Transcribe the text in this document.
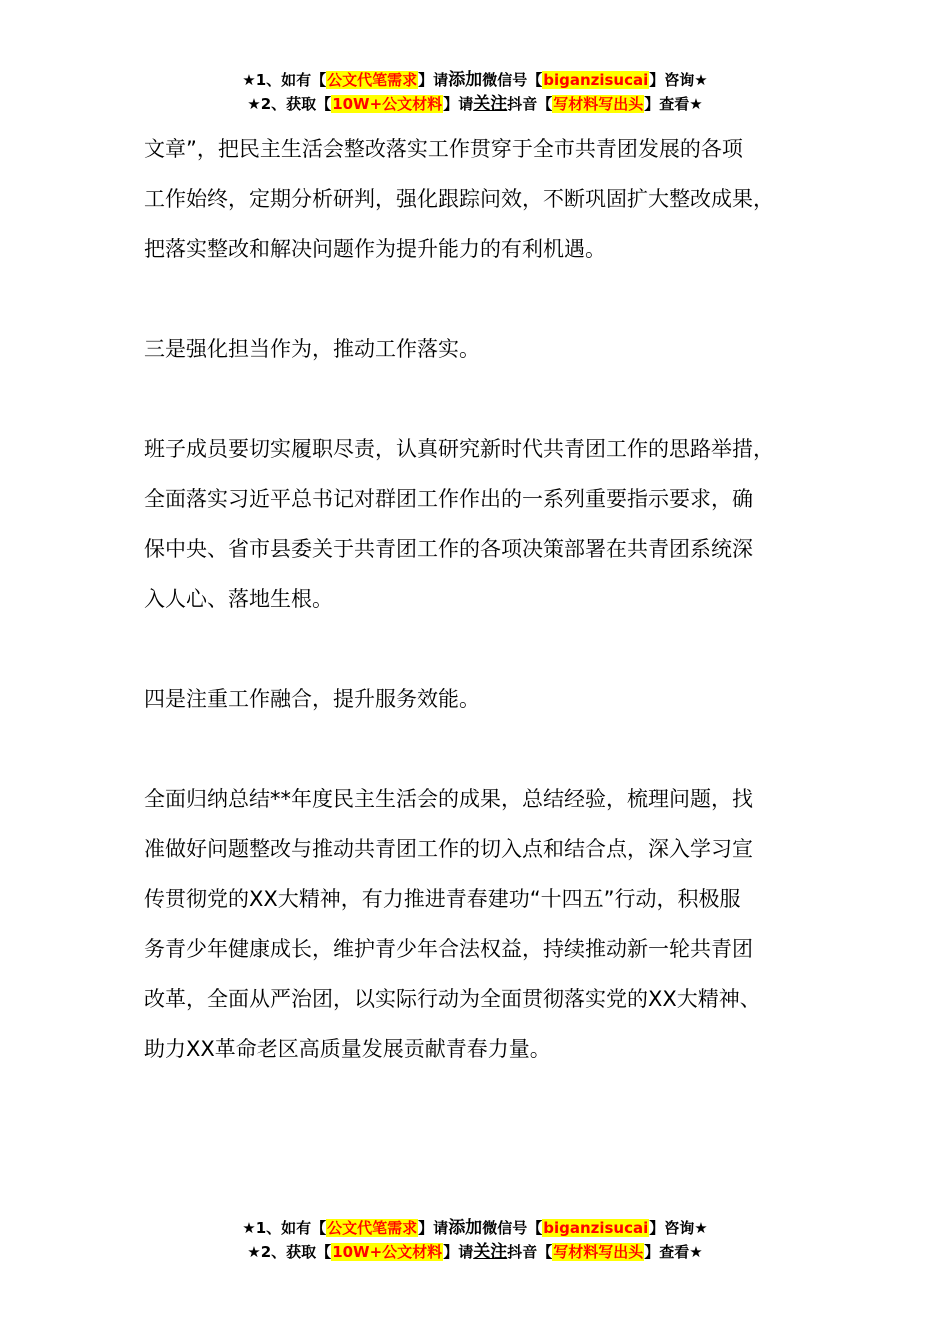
★1、如有【公文代笔需求】请添加微信号【biganzisucai】咨询★
★2、获取【10W+公文材料】请关注抖音【写材料写出头】查看★

文章”，把民主生活会整改落实工作贯穿于全市共青团发展的各项
工作始终，定期分析研判，强化跟踪问效，不断巩固扩大整改成果，
把落实整改和解决问题作为提升能力的有利机遇。

三是强化担当作为，推动工作落实。

班子成员要切实履职尽责，认真研究新时代共青团工作的思路举措，
全面落实习近平总书记对群团工作作出的一系列重要指示要求，确
保中央、省市县委关于共青团工作的各项决策部署在共青团系统深
入人心、落地生根。

四是注重工作融合，提升服务效能。

全面归纳总结**年度民主生活会的成果，总结经验，梳理问题，找
准做好问题整改与推动共青团工作的切入点和结合点，深入学习宣
传贯彻党的XX大精神，有力推进青春建功“十四五”行动，积极服
务青少年健康成长，维护青少年合法权益，持续推动新一轮共青团
改革，全面从严治团，以实际行动为全面贯彻落实党的XX大精神、
助力XX革命老区高质量发展贡献青春力量。

★1、如有【公文代笔需求】请添加微信号【biganzisucai】咨询★
★2、获取【10W+公文材料】请关注抖音【写材料写出头】查看★
